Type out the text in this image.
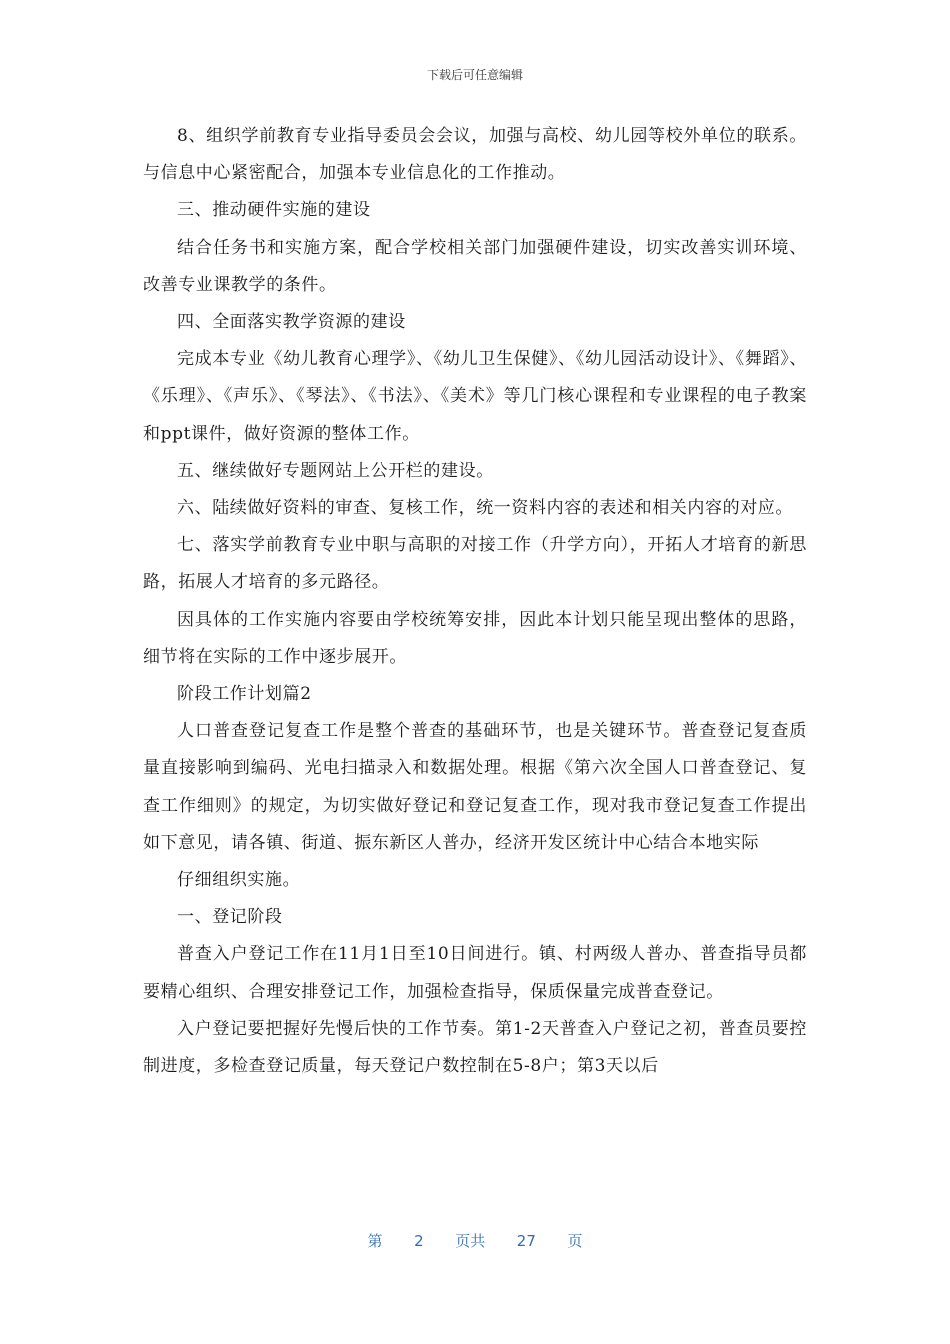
下载后可任意编辑

8、组织学前教育专业指导委员会会议，加强与高校、幼儿园等校外单位的联系。与信息中心紧密配合，加强本专业信息化的工作推动。

三、推动硬件实施的建设

结合任务书和实施方案，配合学校相关部门加强硬件建设，切实改善实训环境、改善专业课教学的条件。

四、全面落实教学资源的建设

完成本专业《幼儿教育心理学》、《幼儿卫生保健》、《幼儿园活动设计》、《舞蹈》、《乐理》、《声乐》、《琴法》、《书法》、《美术》等几门核心课程和专业课程的电子教案和ppt课件，做好资源的整体工作。

五、继续做好专题网站上公开栏的建设。

六、陆续做好资料的审查、复核工作，统一资料内容的表述和相关内容的对应。

七、落实学前教育专业中职与高职的对接工作（升学方向），开拓人才培育的新思路，拓展人才培育的多元路径。

因具体的工作实施内容要由学校统筹安排，因此本计划只能呈现出整体的思路，细节将在实际的工作中逐步展开。

阶段工作计划篇2

人口普查登记复查工作是整个普查的基础环节，也是关键环节。普查登记复查质量直接影响到编码、光电扫描录入和数据处理。根据《第六次全国人口普查登记、复查工作细则》的规定，为切实做好登记和登记复查工作，现对我市登记复查工作提出如下意见，请各镇、街道、振东新区人普办，经济开发区统计中心结合本地实际

仔细组织实施。

一、登记阶段

普查入户登记工作在11月1日至10日间进行。镇、村两级人普办、普查指导员都要精心组织、合理安排登记工作，加强检查指导，保质保量完成普查登记。

入户登记要把握好先慢后快的工作节奏。第1-2天普查入户登记之初，普查员要控制进度，多检查登记质量，每天登记户数控制在5-8户；第3天以后

第 2 页共 27 页
